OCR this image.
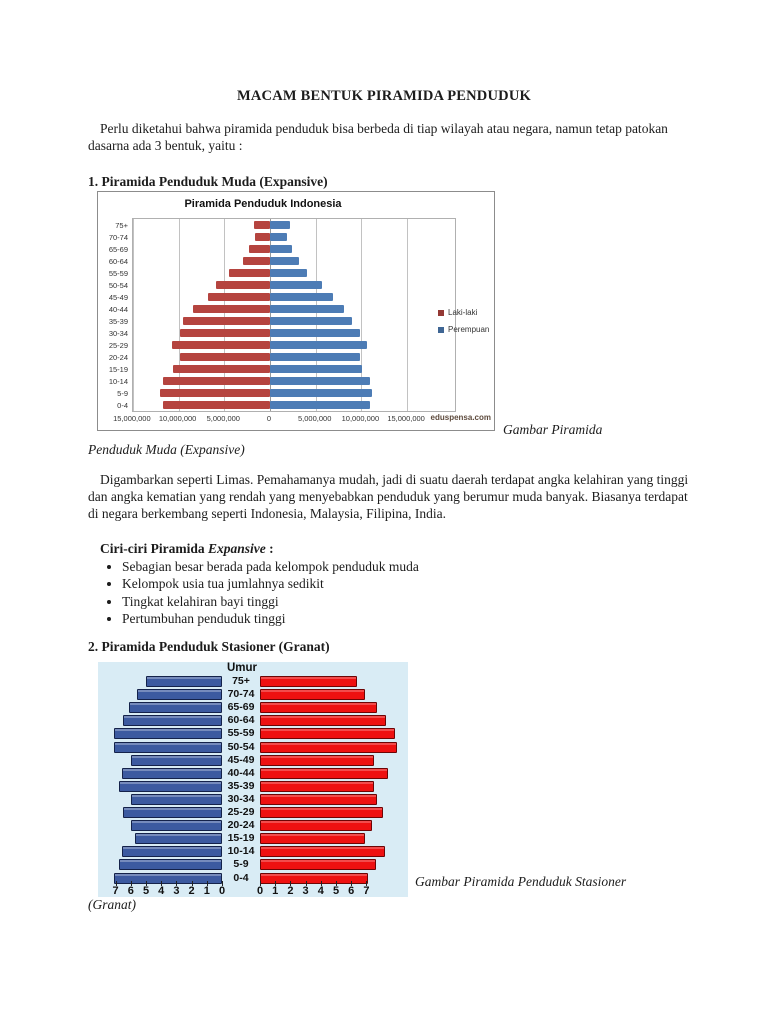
MACAM BENTUK PIRAMIDA PENDUDUK
Perlu diketahui bahwa piramida penduduk bisa berbeda di tiap wilayah atau negara, namun tetap patokan dasarna ada 3 bentuk, yaitu :
1. Piramida Penduduk Muda (Expansive)
Piramida Penduduk Indonesia
75+
70-74
65-69
60-64
55-59
50-54
45-49
40-44
35-39
30-34
25-29
20-24
15-19
10-14
5-9
0-4
15,000,000	10,000,000	5,000,000	0	5,000,000	10,000,000	15,000,000
Laki-laki
Perempuan
eduspensa.com
Gambar Piramida
Penduduk Muda (Expansive)
Digambarkan seperti Limas. Pemahamanya mudah, jadi di suatu daerah terdapat angka kelahiran yang tinggi dan angka kematian yang rendah yang menyebabkan penduduk yang berumur muda banyak. Biasanya terdapat di negara berkembang seperti Indonesia, Malaysia, Filipina, India.
Ciri-ciri Piramida Expansive :
• Sebagian besar berada pada kelompok penduduk muda
• Kelompok usia tua jumlahnya sedikit
• Tingkat kelahiran bayi tinggi
• Pertumbuhan penduduk tinggi
2. Piramida Penduduk Stasioner (Granat)
Umur
75+
70-74
65-69
60-64
55-59
50-54
45-49
40-44
35-39
30-34
25-29
20-24
15-19
10-14
5-9
0-4
7 6 5 4 3 2 1 0	0 1 2 3 4 5 6 7
Gambar Piramida Penduduk Stasioner
(Granat)
